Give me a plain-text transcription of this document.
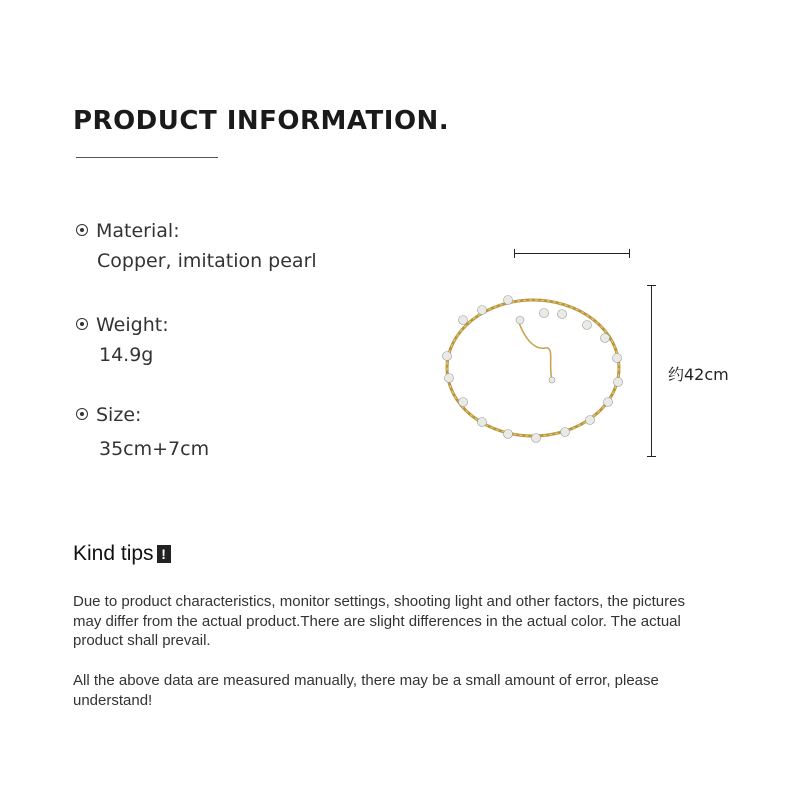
PRODUCT INFORMATION.
Material:
Copper, imitation pearl
Weight:
14.9g
Size:
35cm+7cm
约42cm
Kind tips !
Due to product characteristics, monitor settings, shooting light and other factors, the pictures may differ from the actual product.There are slight differences in the actual color. The actual product shall prevail.
All the above data are measured manually, there may be a small amount of error, please understand!
